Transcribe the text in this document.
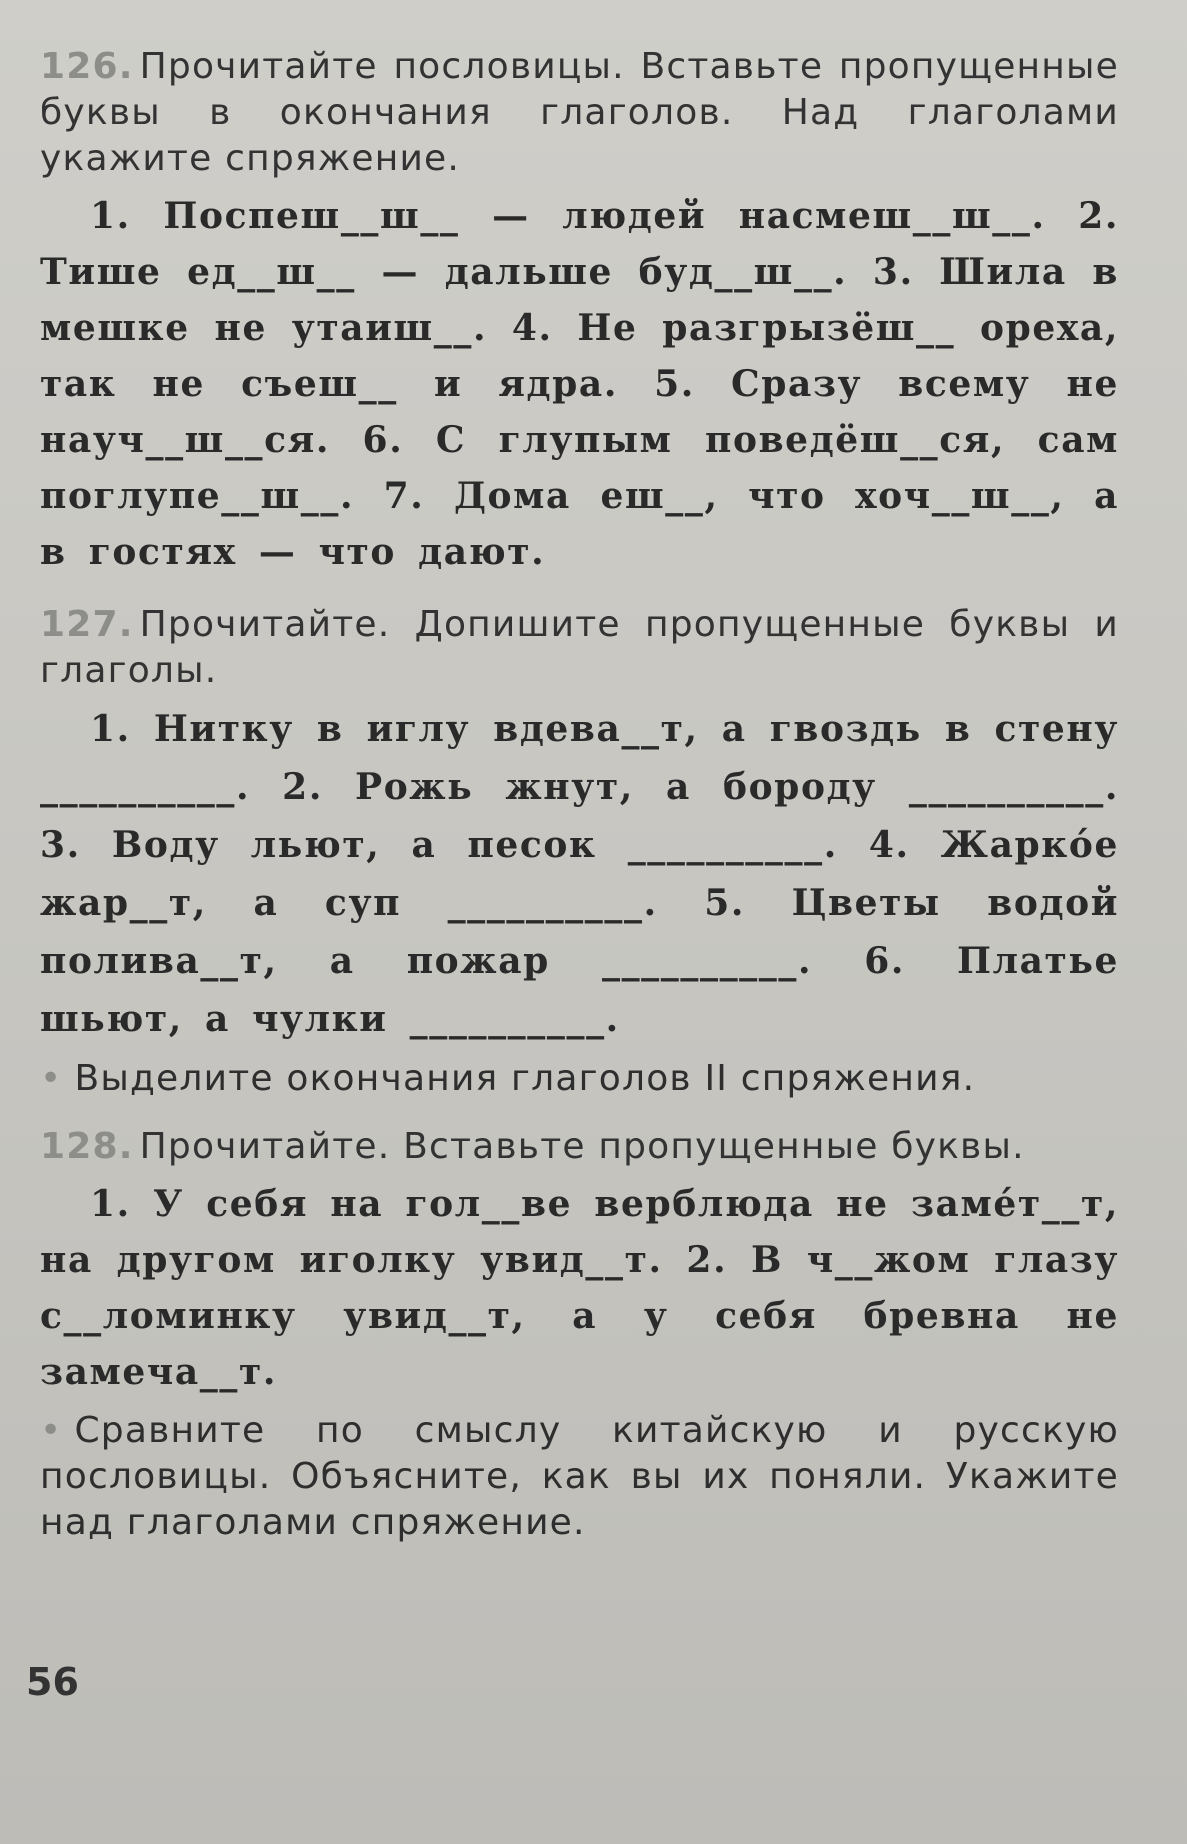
126. Прочитайте пословицы. Вставьте пропущенные буквы в окончания глаголов. Над глаголами укажите спряжение.

1. Поспеш__ш__ — людей насмеш__ш__. 2. Тише ед__ш__ — дальше буд__ш__. 3. Шила в мешке не утаиш__. 4. Не разгрызёш__ ореха, так не съеш__ и ядра. 5. Сразу всему не науч__ш__ся. 6. С глупым поведёш__ся, сам поглупе__ш__. 7. Дома еш__, что хоч__ш__, а в гостях — что дают.

127. Прочитайте. Допишите пропущенные буквы и глаголы.

1. Нитку в иглу вдева__т, а гвоздь в стену __________. 2. Рожь жнут, а бороду __________. 3. Воду льют, а песок __________. 4. Жаркóе жар__т, а суп __________. 5. Цветы водой полива__т, а пожар __________. 6. Платье шьют, а чулки __________.

• Выделите окончания глаголов II спряжения.

128. Прочитайте. Вставьте пропущенные буквы.

1. У себя на гол__ве верблюда не замéт__т, на другом иголку увид__т. 2. В ч__жом глазу с__ломинку увид__т, а у себя бревна не замеча__т.

• Сравните по смыслу китайскую и русскую пословицы. Объясните, как вы их поняли. Укажите над глаголами спряжение.

56
